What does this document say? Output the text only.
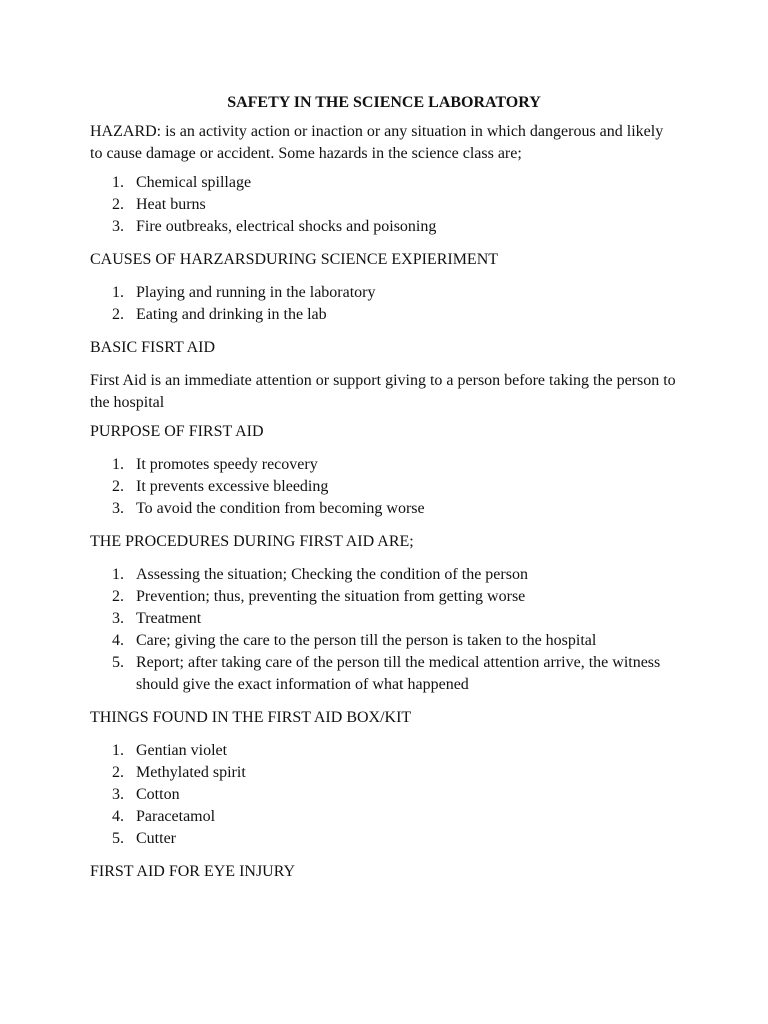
SAFETY IN THE SCIENCE LABORATORY

HAZARD: is an activity action or inaction or any situation in which dangerous and likely to cause damage or accident. Some hazards in the science class are;

1. Chemical spillage
2. Heat burns
3. Fire outbreaks, electrical shocks and poisoning

CAUSES OF HARZARSDURING SCIENCE EXPIERIMENT

1. Playing and running in the laboratory
2. Eating and drinking in the lab

BASIC FISRT AID

First Aid is an immediate attention or support giving to a person before taking the person to the hospital

PURPOSE OF FIRST AID

1. It promotes speedy recovery
2. It prevents excessive bleeding
3. To avoid the condition from becoming worse

THE PROCEDURES DURING FIRST AID ARE;

1. Assessing the situation; Checking the condition of the person
2. Prevention; thus, preventing the situation from getting worse
3. Treatment
4. Care; giving the care to the person till the person is taken to the hospital
5. Report; after taking care of the person till the medical attention arrive, the witness should give the exact information of what happened

THINGS FOUND IN THE FIRST AID BOX/KIT

1. Gentian violet
2. Methylated spirit
3. Cotton
4. Paracetamol
5. Cutter

FIRST AID FOR EYE INJURY
